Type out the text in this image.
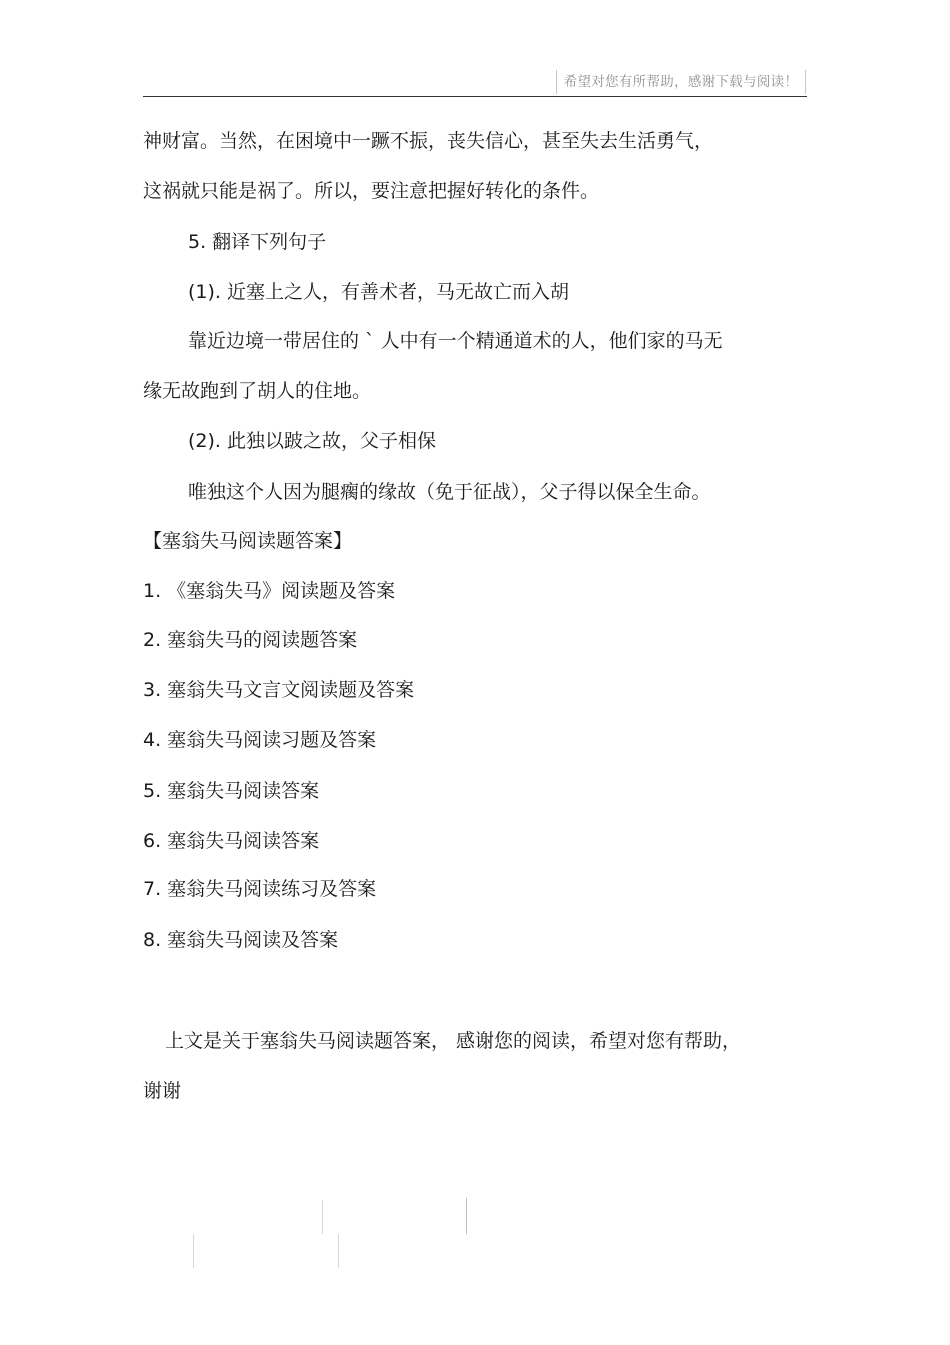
希望对您有所帮助，感谢下载与阅读！
神财富。当然，在困境中一蹶不振，丧失信心，甚至失去生活勇气，
这祸就只能是祸了。所以，要注意把握好转化的条件。
5. 翻译下列句子
(1). 近塞上之人，有善术者，马无故亡而入胡
靠近边境一带居住的 ` 人中有一个精通道术的人，他们家的马无
缘无故跑到了胡人的住地。
(2). 此独以跛之故，父子相保
唯独这个人因为腿瘸的缘故（免于征战），父子得以保全生命。
【塞翁失马阅读题答案】
1. 《塞翁失马》阅读题及答案
2. 塞翁失马的阅读题答案
3. 塞翁失马文言文阅读题及答案
4. 塞翁失马阅读习题及答案
5. 塞翁失马阅读答案
6. 塞翁失马阅读答案
7. 塞翁失马阅读练习及答案
8. 塞翁失马阅读及答案
上文是关于塞翁失马阅读题答案， 感谢您的阅读，希望对您有帮助，
谢谢
